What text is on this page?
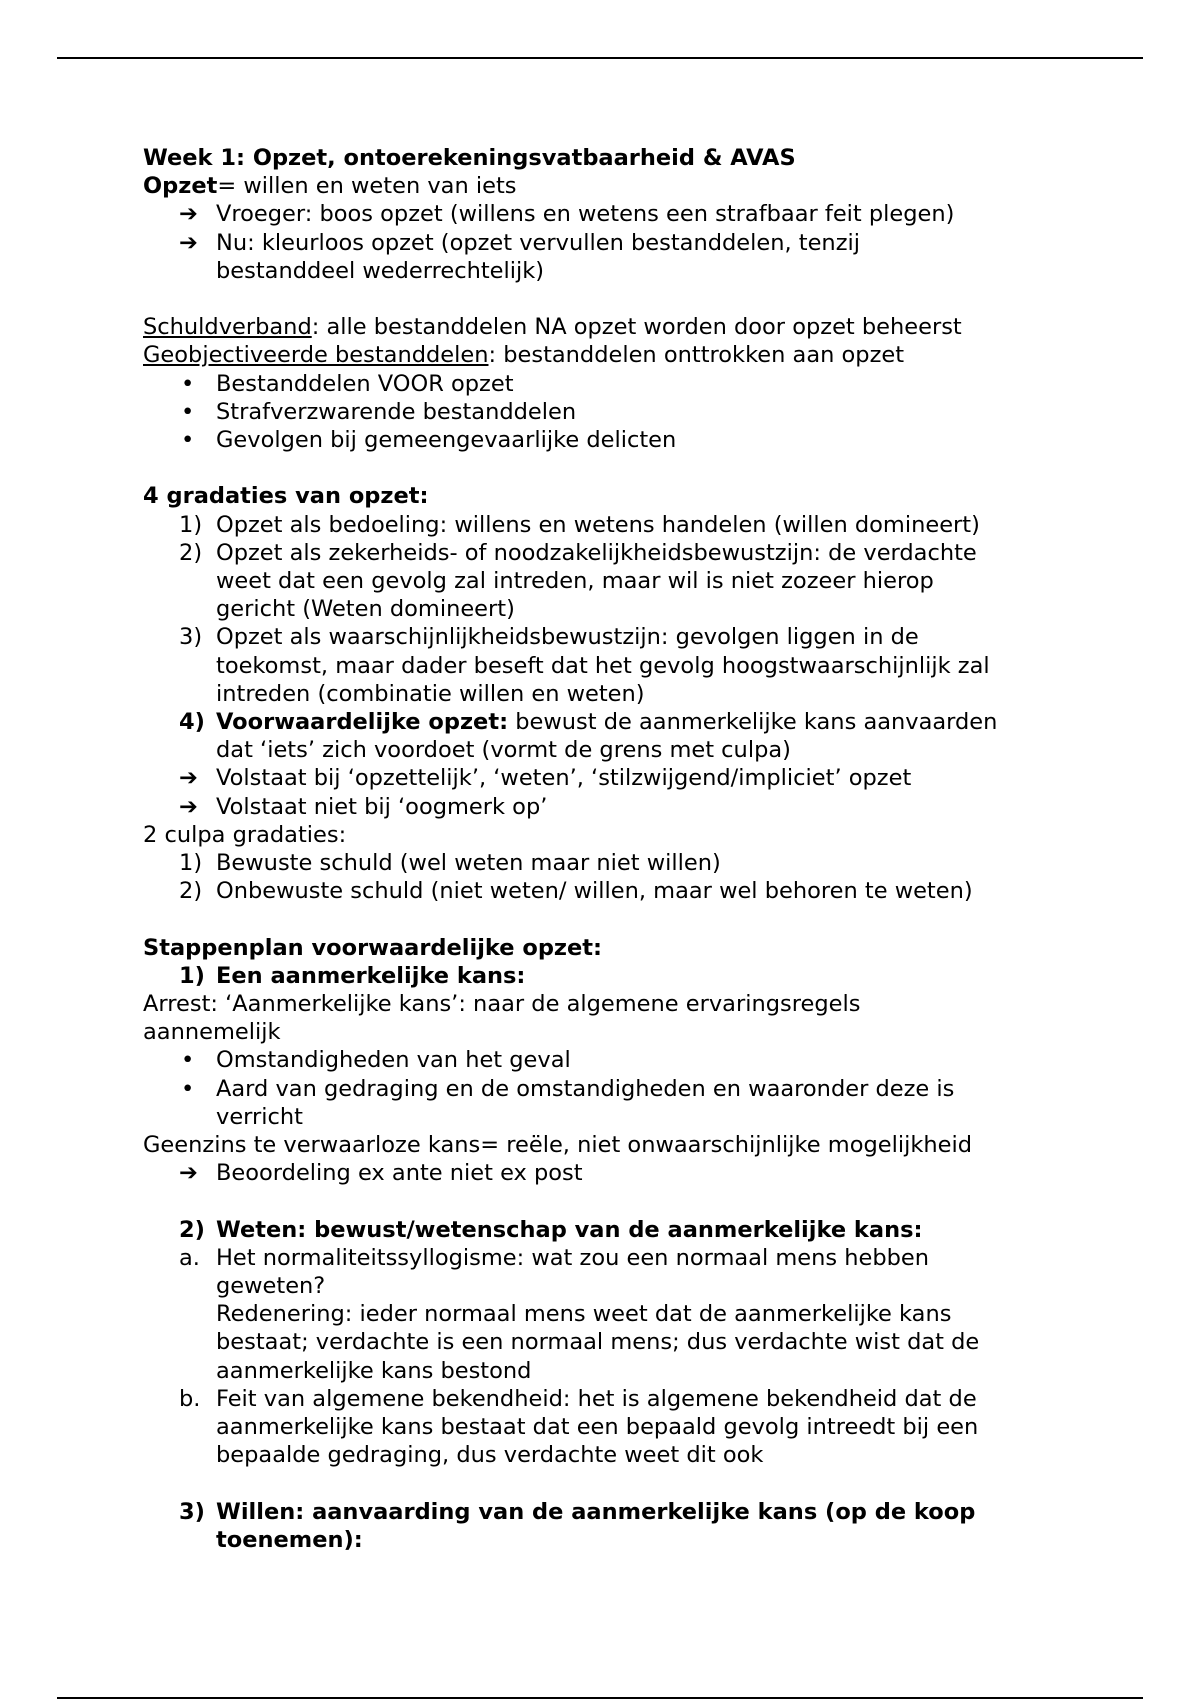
Week 1: Opzet, ontoerekeningsvatbaarheid & AVAS

Opzet= willen en weten van iets

➔ Vroeger: boos opzet (willens en wetens een strafbaar feit plegen)
➔ Nu: kleurloos opzet (opzet vervullen bestanddelen, tenzij
bestanddeel wederrechtelijk)

Schuldverband: alle bestanddelen NA opzet worden door opzet beheerst

Geobjectiveerde bestanddelen: bestanddelen onttrokken aan opzet

• Bestanddelen VOOR opzet
• Strafverzwarende bestanddelen
• Gevolgen bij gemeengevaarlijke delicten

4 gradaties van opzet:

1) Opzet als bedoeling: willens en wetens handelen (willen domineert)
2) Opzet als zekerheids- of noodzakelijkheidsbewustzijn: de verdachte
weet dat een gevolg zal intreden, maar wil is niet zozeer hierop
gericht (Weten domineert)
3) Opzet als waarschijnlijkheidsbewustzijn: gevolgen liggen in de
toekomst, maar dader beseft dat het gevolg hoogstwaarschijnlijk zal
intreden (combinatie willen en weten)
4) Voorwaardelijke opzet: bewust de aanmerkelijke kans aanvaarden
dat ‘iets’ zich voordoet (vormt de grens met culpa)
➔ Volstaat bij ‘opzettelijk’, ‘weten’, ‘stilzwijgend/impliciet’ opzet
➔ Volstaat niet bij ‘oogmerk op’

2 culpa gradaties:

1) Bewuste schuld (wel weten maar niet willen)
2) Onbewuste schuld (niet weten/ willen, maar wel behoren te weten)

Stappenplan voorwaardelijke opzet:

1) Een aanmerkelijke kans:

Arrest: ‘Aanmerkelijke kans’: naar de algemene ervaringsregels

aannemelijk

• Omstandigheden van het geval
• Aard van gedraging en de omstandigheden en waaronder deze is
verricht

Geenzins te verwaarloze kans= reële, niet onwaarschijnlijke mogelijkheid

➔ Beoordeling ex ante niet ex post
2) Weten: bewust/wetenschap van de aanmerkelijke kans:
a. Het normaliteitssyllogisme: wat zou een normaal mens hebben
geweten?
Redenering: ieder normaal mens weet dat de aanmerkelijke kans
bestaat; verdachte is een normaal mens; dus verdachte wist dat de
aanmerkelijke kans bestond
b. Feit van algemene bekendheid: het is algemene bekendheid dat de
aanmerkelijke kans bestaat dat een bepaald gevolg intreedt bij een
bepaalde gedraging, dus verdachte weet dit ook
3) Willen: aanvaarding van de aanmerkelijke kans (op de koop
toenemen):
